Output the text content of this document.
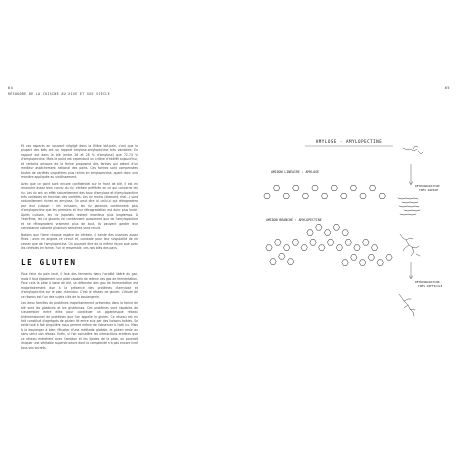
64
RÉSOUDRE DE LA CUISINE AU XIXE ET XXE SIÈCLE
65

Et ces aspects en souvent négligé dans la filière blé-pain, c'est que la plupart des blés ont un rapport amylose-amylopectine très variables. En rapport est dans le blé (entre 26 et 28 % d'amylose) que 72-74 % d'amylopectine. Mais le point est cependant un critère d'intérêt aujourd'hui, et certains artisans de la farine proposent des farines qui aident d'un meilleur assèchement national des pains. Ces farines sont compensées toutes de variétés singulières plus riches en amylopectine, quant donc une manière appliquée au vieillissement.

Avec que ce point sont encore confidentiel sur le front de blé, il est en revanche assez bien connu du riz, céréale préférée en ce qui concerne les riz. Les riz ont un effet naturellement des taux d'amylose et d'amylopectine très variables en fonction des variétés. Les riz moins (diamant, thaï...) sont naturellement riches en amylose. On peut dire ici celui-ci qui rétrogradera par leur cuisson : les cuissons, les riz japonais contiennent plus d'amylopectine que les premiers et leur rétrogradation est donc plus lente. Après cuisson, les riz japonais restent moelleux plus longtemps. À l'extrême, les riz gluants ne contiennent quasiment que de l'amylopectine et ne rétrogradent vraiment plus de tout, ils peuvent garder leur consistance collante plusieurs semaines sans recuit.

Notons que l'âme chaque espèce de céréale, il existe des nuances assez fines : avec en anglais ce circuit et, constate pour leur singularité de ne cesser que de l'amylopectine. On pourrait dire de la même façon que avec les céréales en farine, l'un le ressemble, ces nos blés des pays.

LE GLUTEN

Pour faire du pain levé, il faut des ferments dans l'acidité libéré du gaz, mais il faut également une pâte capable de retenir ces gaz de fermentation. Pour cela la pâte à base de blé, se détendre des gaz de fermentation est majoritairement due à la présence des protéines d'amylose et d'amylopectine sur le plan d'amidon. C'est le réseau de gluten. L'étude de ce réseau est l'un des sujets clés de la boulangerie.

Les deux familles de protéines majoritairement présentes dans la farine de blé sont les gliadines et les gluténines. Ces protéines sont capables de s'assembler entre elles pour constituer un gigantesque réseau tridimensionnel de protéines que l'on appelle le gluten. Ce réseau est en fait constitué d'agrégats de gluten lié entre eux par des liaisons faibles. Sa taille tout à fait singulière nous permet même de l'observer à l'oeil nu. Mais à la boulanger à bien l'étudier d'une méthode globale, le gluten reste au sens strict son réseau. Enfin, si l'on considère les interactions entières que ce réseau entretient avec l'amidon et les lipides de la pâte, on pourrait imiquer une véritable superstructure dont la complexité n'a pas encore livré tous ses secrets.

AMYLOSE - AMYLOPECTINE
AMIDON LINÉAIRE : AMYLOSE
AMIDON BRANCHÉ : AMYLOPECTINE
RÉTROGRADATION
TRÈS RAPIDE
RÉTROGRADATION
TRÈS DIFFICILE
